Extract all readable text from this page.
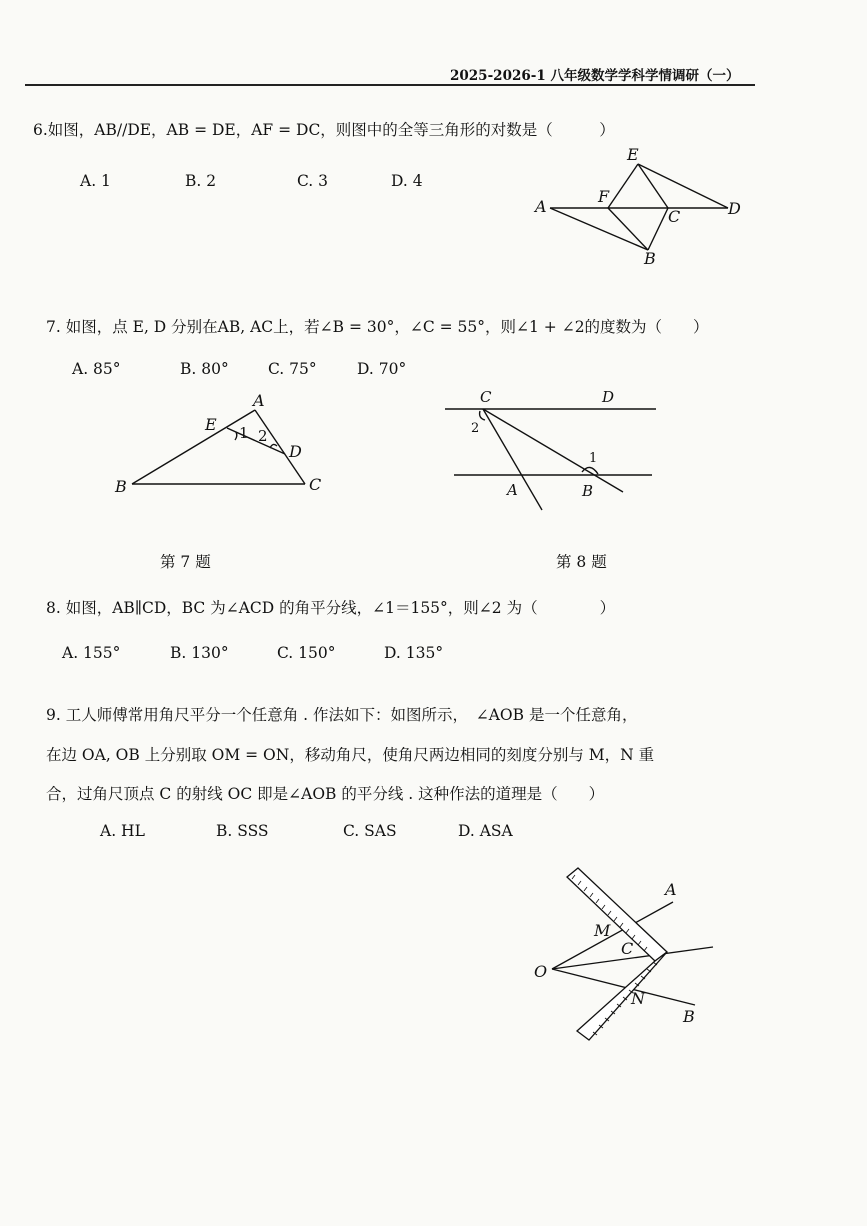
2025-2026-1 八年级数学学科学情调研（一）
6.如图，AB//DE，AB = DE，AF = DC，则图中的全等三角形的对数是（　　　）
A. 1	B. 2	C. 3	D. 4
E
F
A
C	D
B
7. 如图，点 E, D 分别在AB, AC上，若∠B = 30°，∠C = 55°，则∠1 + ∠2的度数为（　　）
A. 85°	B. 80°	C. 75°	D. 70°
A
E 1 2
D
B	C
C	D
2
1
A	B
第 7 题	第 8 题
8. 如图，AB∥CD，BC 为∠ACD 的角平分线，∠1＝155°，则∠2 为（　　　　）
A. 155°	B. 130°	C. 150°	D. 135°
9. 工人师傅常用角尺平分一个任意角 . 作法如下：如图所示，　∠AOB 是一个任意角，
在边 OA, OB 上分别取 OM = ON，移动角尺，使角尺两边相同的刻度分别与 M，N 重
合，过角尺顶点 C 的射线 OC 即是∠AOB 的平分线 . 这种作法的道理是（　　）
A. HL	B. SSS	C. SAS	D. ASA
A
M
C
O
N
B
